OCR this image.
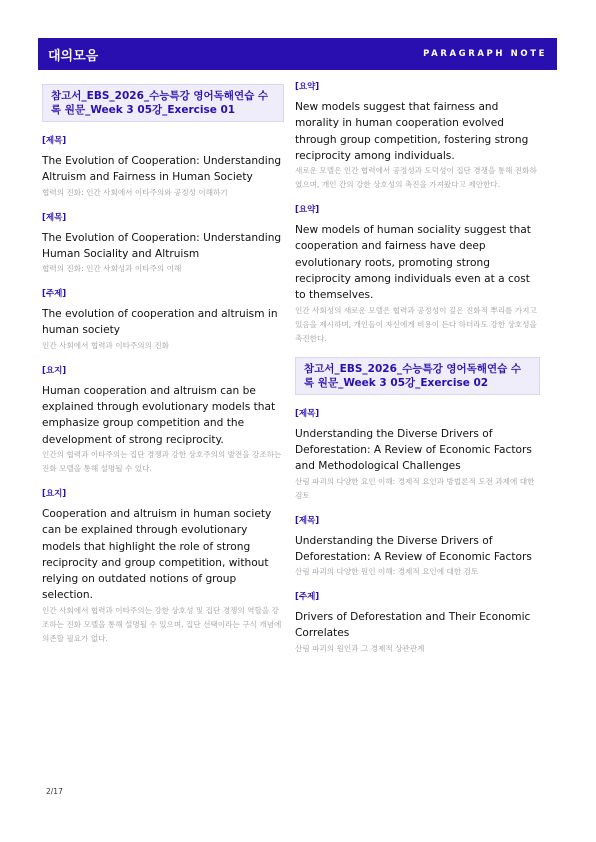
대의모음	PARAGRAPH NOTE
참고서_EBS_2026_수능특강 영어독해연습 수록 원문_Week 3 05강_Exercise 01
[제목]
The Evolution of Cooperation: Understanding Altruism and Fairness in Human Society
협력의 진화: 인간 사회에서 이타주의와 공정성 이해하기
[제목]
The Evolution of Cooperation: Understanding Human Sociality and Altruism
협력의 진화: 인간 사회성과 이타주의 이해
[주제]
The evolution of cooperation and altruism in human society
인간 사회에서 협력과 이타주의의 진화
[요지]
Human cooperation and altruism can be explained through evolutionary models that emphasize group competition and the development of strong reciprocity.
인간의 협력과 이타주의는 집단 경쟁과 강한 상호주의의 발전을 강조하는 진화 모델을 통해 설명될 수 있다.
[요지]
Cooperation and altruism in human society can be explained through evolutionary models that highlight the role of strong reciprocity and group competition, without relying on outdated notions of group selection.
인간 사회에서 협력과 이타주의는 강한 상호성 및 집단 경쟁의 역할을 강조하는 진화 모델을 통해 설명될 수 있으며, 집단 선택이라는 구식 개념에 의존할 필요가 없다.
[요약]
New models suggest that fairness and morality in human cooperation evolved through group competition, fostering strong reciprocity among individuals.
새로운 모델은 인간 협력에서 공정성과 도덕성이 집단 경쟁을 통해 진화하였으며, 개인 간의 강한 상호성의 촉진을 가져왔다고 제안한다.
[요약]
New models of human sociality suggest that cooperation and fairness have deep evolutionary roots, promoting strong reciprocity among individuals even at a cost to themselves.
인간 사회성의 새로운 모델은 협력과 공정성이 깊은 진화적 뿌리를 가지고 있음을 제시하며, 개인들이 자신에게 비용이 든다 하더라도 강한 상호성을 촉진한다.
참고서_EBS_2026_수능특강 영어독해연습 수록 원문_Week 3 05강_Exercise 02
[제목]
Understanding the Diverse Drivers of Deforestation: A Review of Economic Factors and Methodological Challenges
산림 파괴의 다양한 요인 이해: 경제적 요인과 방법론적 도전 과제에 대한 검토
[제목]
Understanding the Diverse Drivers of Deforestation: A Review of Economic Factors
산림 파괴의 다양한 원인 이해: 경제적 요인에 대한 검토
[주제]
Drivers of Deforestation and Their Economic Correlates
산림 파괴의 원인과 그 경제적 상관관계
2/17
